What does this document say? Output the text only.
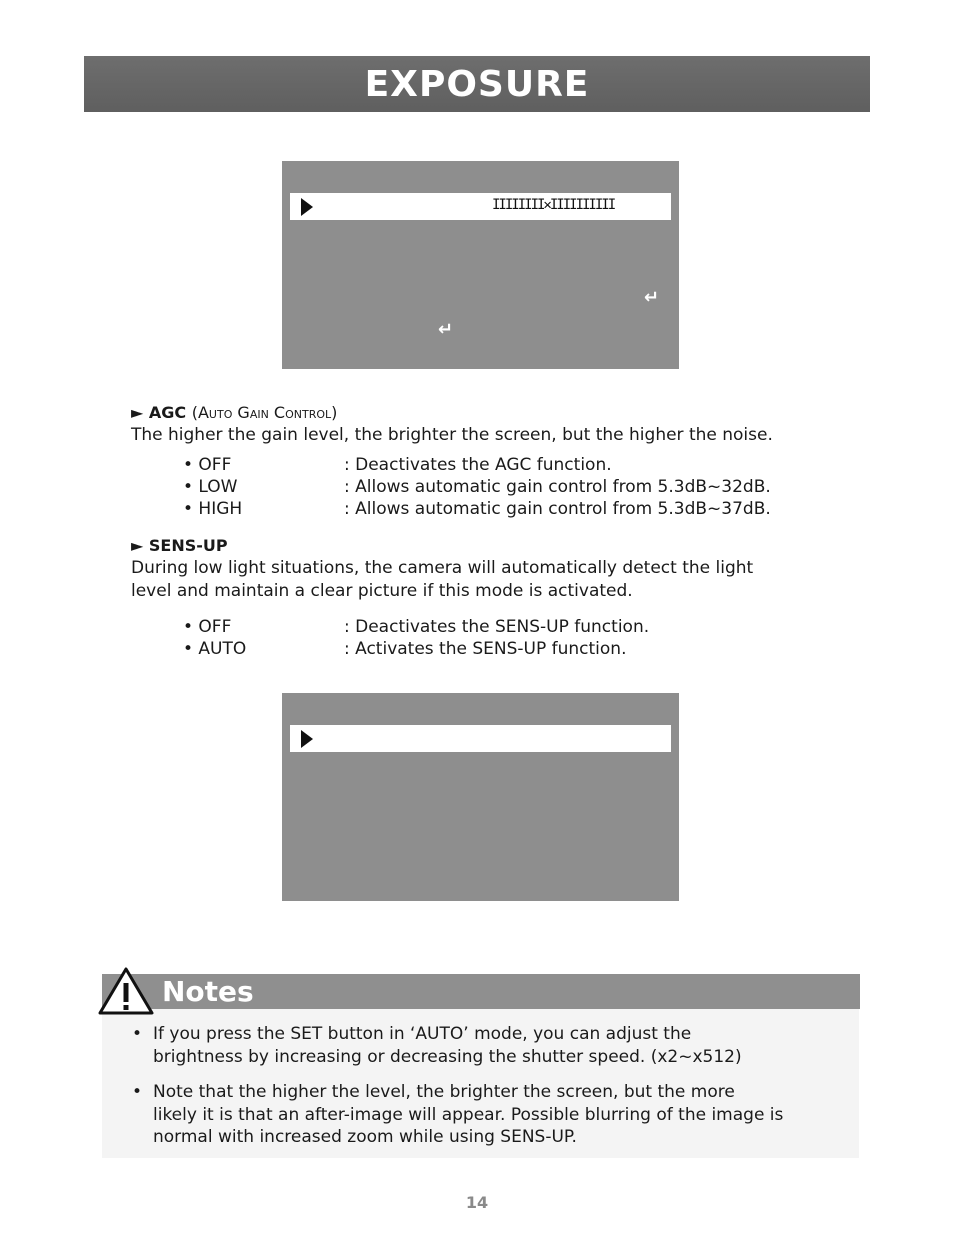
EXPOSURE
IIIIIIII✕IIIIIIIIII
↵
↵
► AGC (Auto Gain Control)
The higher the gain level, the brighter the screen, but the higher the noise.
• OFF	: Deactivates the AGC function.
• LOW	: Allows automatic gain control from 5.3dB~32dB.
• HIGH	: Allows automatic gain control from 5.3dB~37dB.
► SENS-UP
During low light situations, the camera will automatically detect the light
level and maintain a clear picture if this mode is activated.
• OFF	: Deactivates the SENS-UP function.
• AUTO	: Activates the SENS-UP function.
Notes
• If you press the SET button in ‘AUTO’ mode, you can adjust the
brightness by increasing or decreasing the shutter speed. (x2~x512)
• Note that the higher the level, the brighter the screen, but the more
likely it is that an after-image will appear. Possible blurring of the image is
normal with increased zoom while using SENS-UP.
14
